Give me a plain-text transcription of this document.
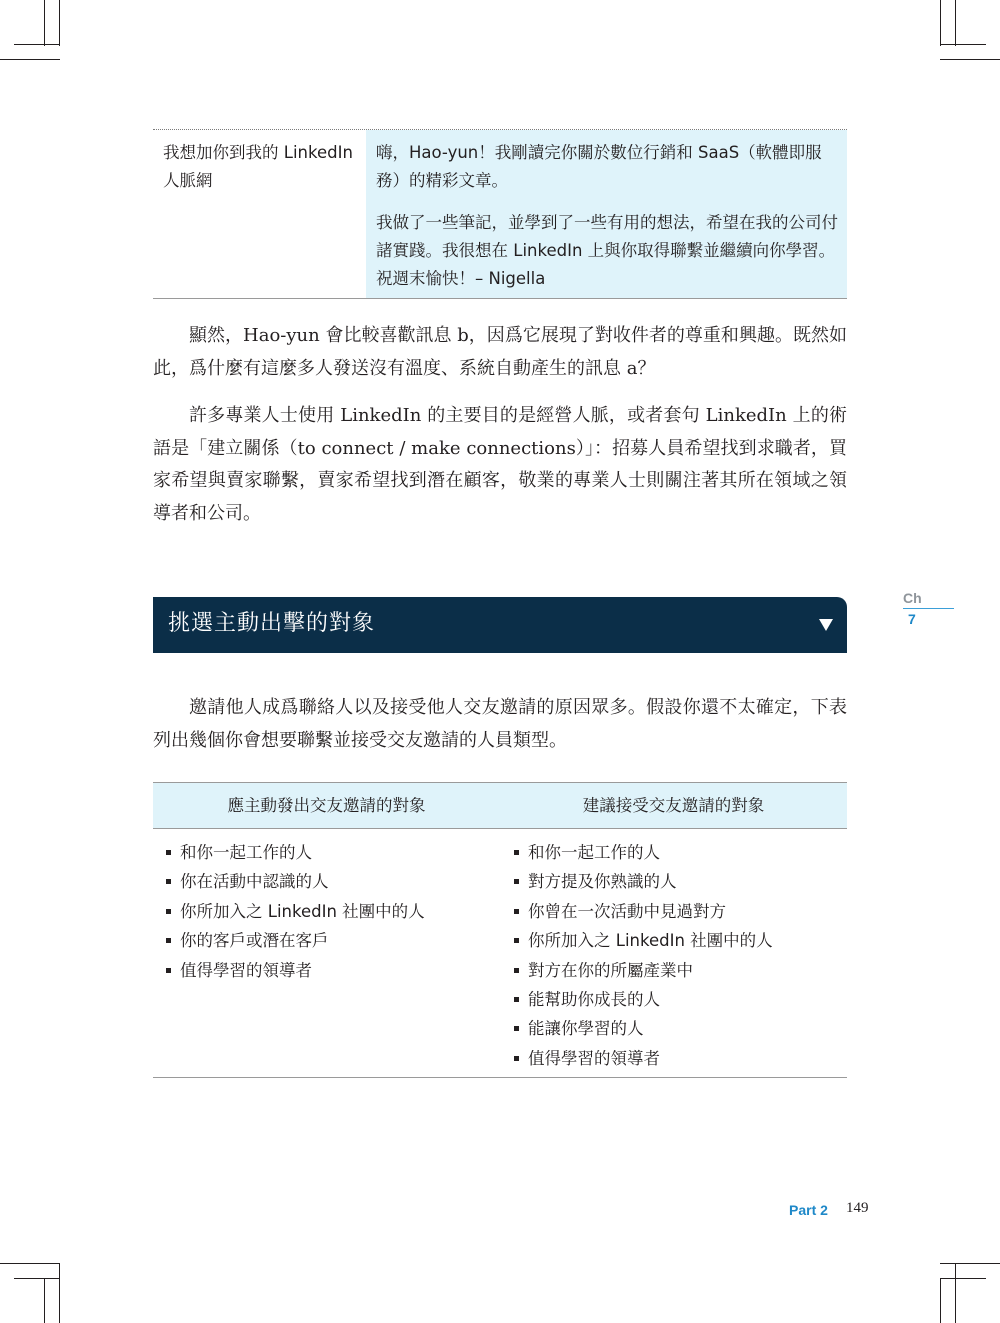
我想加你到我的 LinkedIn 人脈網
嗨，Hao-yun！我剛讀完你關於數位行銷和 SaaS（軟體即服務）的精彩文章。
我做了一些筆記，並學到了一些有用的想法，希望在我的公司付諸實踐。我很想在 LinkedIn 上與你取得聯繫並繼續向你學習。祝週末愉快！– Nigella
顯然，Hao-yun 會比較喜歡訊息 b，因爲它展現了對收件者的尊重和興趣。既然如此，爲什麼有這麼多人發送沒有溫度、系統自動產生的訊息 a？
許多專業人士使用 LinkedIn 的主要目的是經營人脈，或者套句 LinkedIn 上的術語是「建立關係（to connect / make connections）」：招募人員希望找到求職者，買家希望與賣家聯繫，賣家希望找到潛在顧客，敬業的專業人士則關注著其所在領域之領導者和公司。
挑選主動出擊的對象
Ch
7
邀請他人成爲聯絡人以及接受他人交友邀請的原因眾多。假設你還不太確定，下表列出幾個你會想要聯繫並接受交友邀請的人員類型。
應主動發出交友邀請的對象	建議接受交友邀請的對象
和你一起工作的人
你在活動中認識的人
你所加入之 LinkedIn 社團中的人
你的客戶或潛在客戶
值得學習的領導者
和你一起工作的人
對方提及你熟識的人
你曾在一次活動中見過對方
你所加入之 LinkedIn 社團中的人
對方在你的所屬產業中
能幫助你成長的人
能讓你學習的人
值得學習的領導者
Part 2 149
